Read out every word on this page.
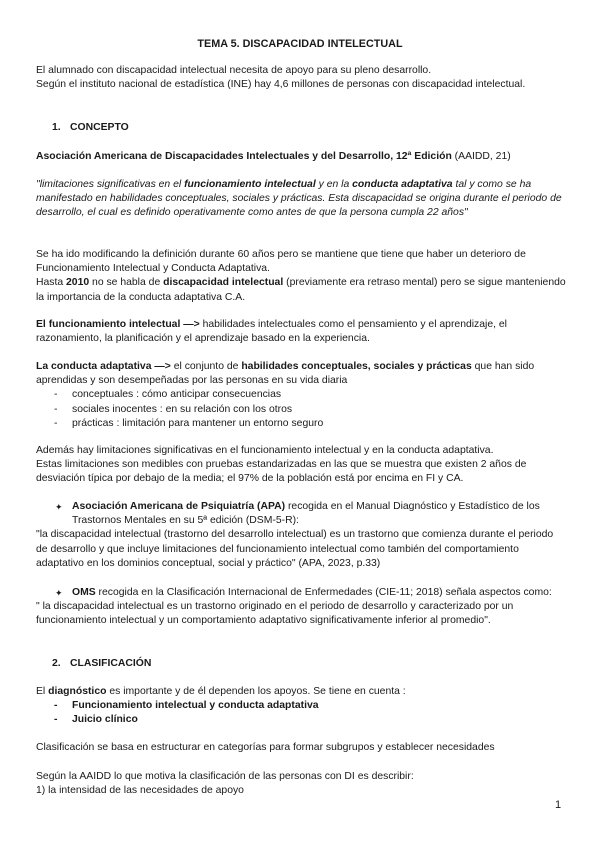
TEMA 5. DISCAPACIDAD INTELECTUAL
El alumnado con discapacidad intelectual necesita de apoyo para su pleno desarrollo.
Según el instituto nacional de estadística (INE) hay 4,6 millones de personas con discapacidad intelectual.
1. CONCEPTO
Asociación Americana de Discapacidades Intelectuales y del Desarrollo, 12ª Edición (AAIDD, 21)
"limitaciones significativas en el funcionamiento intelectual y en la conducta adaptativa tal y como se ha manifestado en habilidades conceptuales, sociales y prácticas. Esta discapacidad se origina durante el periodo de desarrollo, el cual es definido operativamente como antes de que la persona cumpla 22 años"
Se ha ido modificando la definición durante 60 años pero se mantiene que tiene que haber un deterioro de Funcionamiento Intelectual y Conducta Adaptativa.
Hasta 2010 no se habla de discapacidad intelectual (previamente era retraso mental) pero se sigue manteniendo la importancia de la conducta adaptativa C.A.
El funcionamiento intelectual —> habilidades intelectuales como el pensamiento y el aprendizaje, el razonamiento, la planificación y el aprendizaje basado en la experiencia.
La conducta adaptativa —> el conjunto de habilidades conceptuales, sociales y prácticas que han sido aprendidas y son desempeñadas por las personas en su vida diaria
- conceptuales : cómo anticipar consecuencias
- sociales inocentes : en su relación con los otros
- prácticas : limitación para mantener un entorno seguro
Además hay limitaciones significativas en el funcionamiento intelectual y en la conducta adaptativa.
Estas limitaciones son medibles con pruebas estandarizadas en las que se muestra que existen 2 años de desviación típica por debajo de la media; el 97% de la población está por encima en FI y CA.
✦ Asociación Americana de Psiquiatría (APA) recogida en el Manual Diagnóstico y Estadístico de los Trastornos Mentales en su 5ª edición (DSM-5-R):
"la discapacidad intelectual (trastorno del desarrollo intelectual) es un trastorno que comienza durante el periodo de desarrollo y que incluye limitaciones del funcionamiento intelectual como también del comportamiento adaptativo en los dominios conceptual, social y práctico" (APA, 2023, p.33)
✦ OMS recogida en la Clasificación Internacional de Enfermedades (CIE-11; 2018) señala aspectos como:
" la discapacidad intelectual es un trastorno originado en el periodo de desarrollo y caracterizado por un funcionamiento intelectual y un comportamiento adaptativo significativamente inferior al promedio".
2. CLASIFICACIÓN
El diagnóstico es importante y de él dependen los apoyos. Se tiene en cuenta :
- Funcionamiento intelectual y conducta adaptativa
- Juicio clínico
Clasificación se basa en estructurar en categorías para formar subgrupos y establecer necesidades
Según la AAIDD lo que motiva la clasificación de las personas con DI es describir:
1) la intensidad de las necesidades de apoyo
1
